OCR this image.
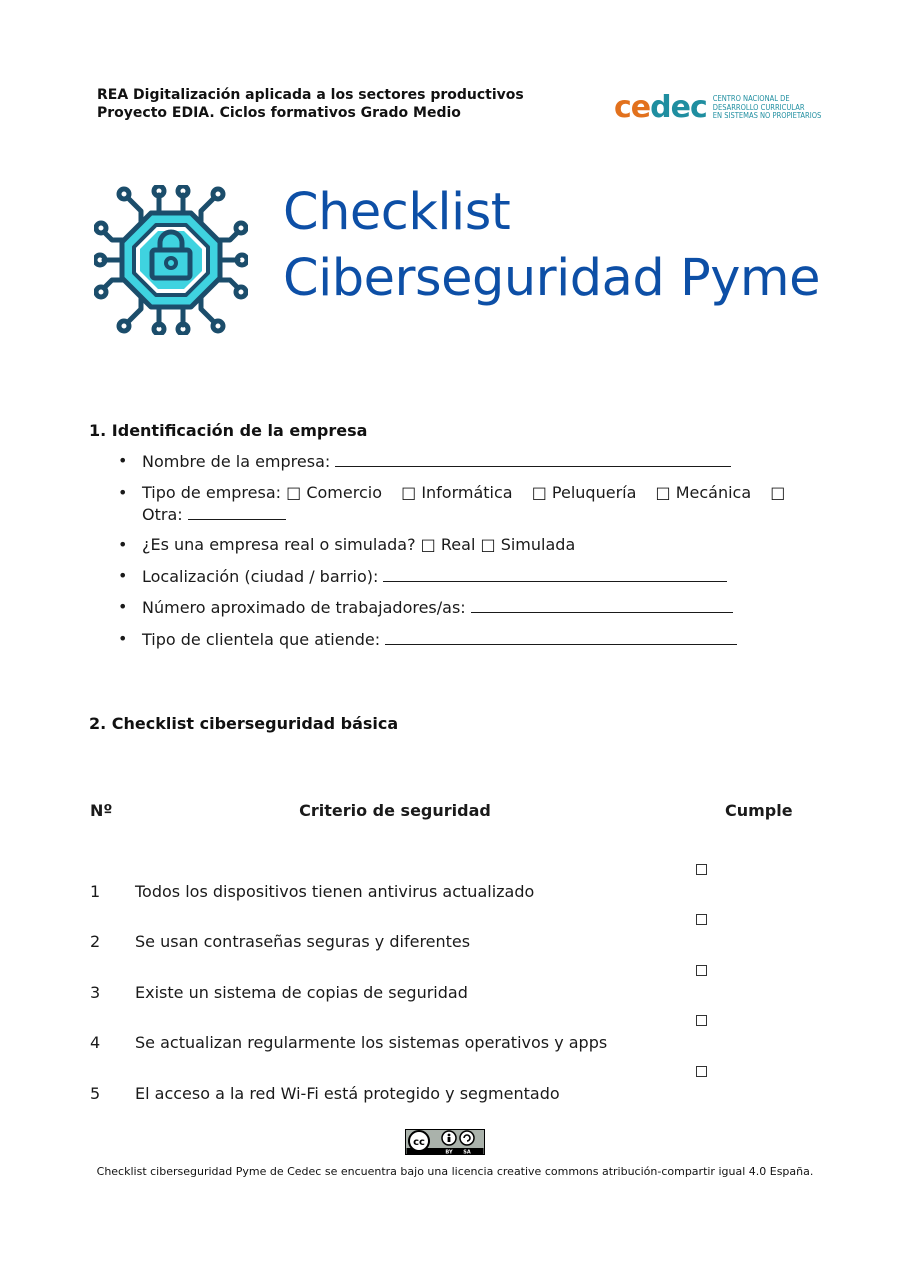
REA Digitalización aplicada a los sectores productivos
Proyecto EDIA. Ciclos formativos Grado Medio	cedec CENTRO NACIONAL DE
DESARROLLO CURRICULAR
EN SISTEMAS NO PROPIETARIOS
Checklist
Ciberseguridad Pyme
1. Identificación de la empresa
• Nombre de la empresa:
• Tipo de empresa: □ Comercio □ Informática □ Peluquería □ Mecánica □
Otra:
• ¿Es una empresa real o simulada? □ Real □ Simulada
• Localización (ciudad / barrio):
• Número aproximado de trabajadores/as:
• Tipo de clientela que atiende:
2. Checklist ciberseguridad básica
Nº	Criterio de seguridad	Cumple

1	Todos los dispositivos tienen antivirus actualizado	
2	Se usan contraseñas seguras y diferentes	
3	Existe un sistema de copias de seguridad	
4	Se actualizan regularmente los sistemas operativos y apps	
5	El acceso a la red Wi-Fi está protegido y segmentado	
cc
BY SA
Checklist ciberseguridad Pyme de Cedec se encuentra bajo una licencia creative commons atribución-compartir igual 4.0 España.
